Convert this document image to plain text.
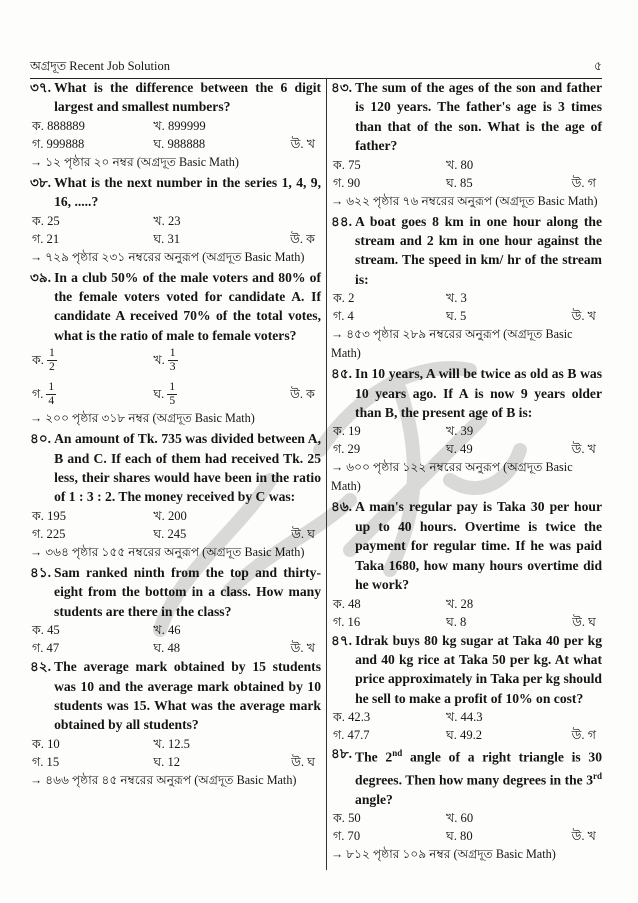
অগ্রদূত Recent Job Solution	৫
৩৭. What is the difference between the 6 digit largest and smallest numbers?
ক. 888889	খ. 899999
গ. 999888	ঘ. 988888	উ. খ
→ ১২ পৃষ্ঠার ২০ নম্বর (অগ্রদূত Basic Math)
৩৮. What is the next number in the series 1, 4, 9, 16, .....?
ক. 25	খ. 23
গ. 21	ঘ. 31	উ. ক
→ ৭২৯ পৃষ্ঠার ২৩১ নম্বরের অনুরূপ (অগ্রদূত Basic Math)
৩৯. In a club 50% of the male voters and 80% of the female voters voted for candidate A. If candidate A received 70% of the total votes, what is the ratio of male to female voters?
ক. $\frac{1}{2}$	খ. $\frac{1}{3}$
গ. $\frac{1}{4}$	ঘ. $\frac{1}{5}$	উ. ক
→ ২০০ পৃষ্ঠার ৩১৮ নম্বর (অগ্রদূত Basic Math)
৪০. An amount of Tk. 735 was divided between A, B and C. If each of them had received Tk. 25 less, their shares would have been in the ratio of 1 : 3 : 2. The money received by C was:
ক. 195	খ. 200
গ. 225	ঘ. 245	উ. ঘ
→ ৩৬৪ পৃষ্ঠার ১৫৫ নম্বরের অনুরূপ (অগ্রদূত Basic Math)
৪১. Sam ranked ninth from the top and thirty-eight from the bottom in a class. How many students are there in the class?
ক. 45	খ. 46
গ. 47	ঘ. 48	উ. খ
৪২. The average mark obtained by 15 students was 10 and the average mark obtained by 10 students was 15. What was the average mark obtained by all students?
ক. 10	খ. 12.5
গ. 15	ঘ. 12	উ. ঘ
→ ৪৬৬ পৃষ্ঠার ৪৫ নম্বরের অনুরূপ (অগ্রদূত Basic Math)
৪৩. The sum of the ages of the son and father is 120 years. The father's age is 3 times than that of the son. What is the age of father?
ক. 75	খ. 80
গ. 90	ঘ. 85	উ. গ
→ ৬২২ পৃষ্ঠার ৭৬ নম্বরের অনুরূপ (অগ্রদূত Basic Math)
৪৪. A boat goes 8 km in one hour along the stream and 2 km in one hour against the stream. The speed in km/ hr of the stream is:
ক. 2	খ. 3
গ. 4	ঘ. 5	উ. খ
→ ৪৫৩ পৃষ্ঠার ২৮৯ নম্বরের অনুরূপ (অগ্রদূত Basic Math)
৪৫. In 10 years, A will be twice as old as B was 10 years ago. If A is now 9 years older than B, the present age of B is:
ক. 19	খ. 39
গ. 29	ঘ. 49	উ. খ
→ ৬০০ পৃষ্ঠার ১২২ নম্বরের অনুরূপ (অগ্রদূত Basic Math)
৪৬. A man's regular pay is Taka 30 per hour up to 40 hours. Overtime is twice the payment for regular time. If he was paid Taka 1680, how many hours overtime did he work?
ক. 48	খ. 28
গ. 16	ঘ. 8	উ. ঘ
৪৭. Idrak buys 80 kg sugar at Taka 40 per kg and 40 kg rice at Taka 50 per kg. At what price approximately in Taka per kg should he sell to make a profit of 10% on cost?
ক. 42.3	খ. 44.3
গ. 47.7	ঘ. 49.2	উ. গ
৪৮. The 2nd angle of a right triangle is 30 degrees. Then how many degrees in the 3rd angle?
ক. 50	খ. 60
গ. 70	ঘ. 80	উ. খ
→ ৮১২ পৃষ্ঠার ১০৯ নম্বর (অগ্রদূত Basic Math)
